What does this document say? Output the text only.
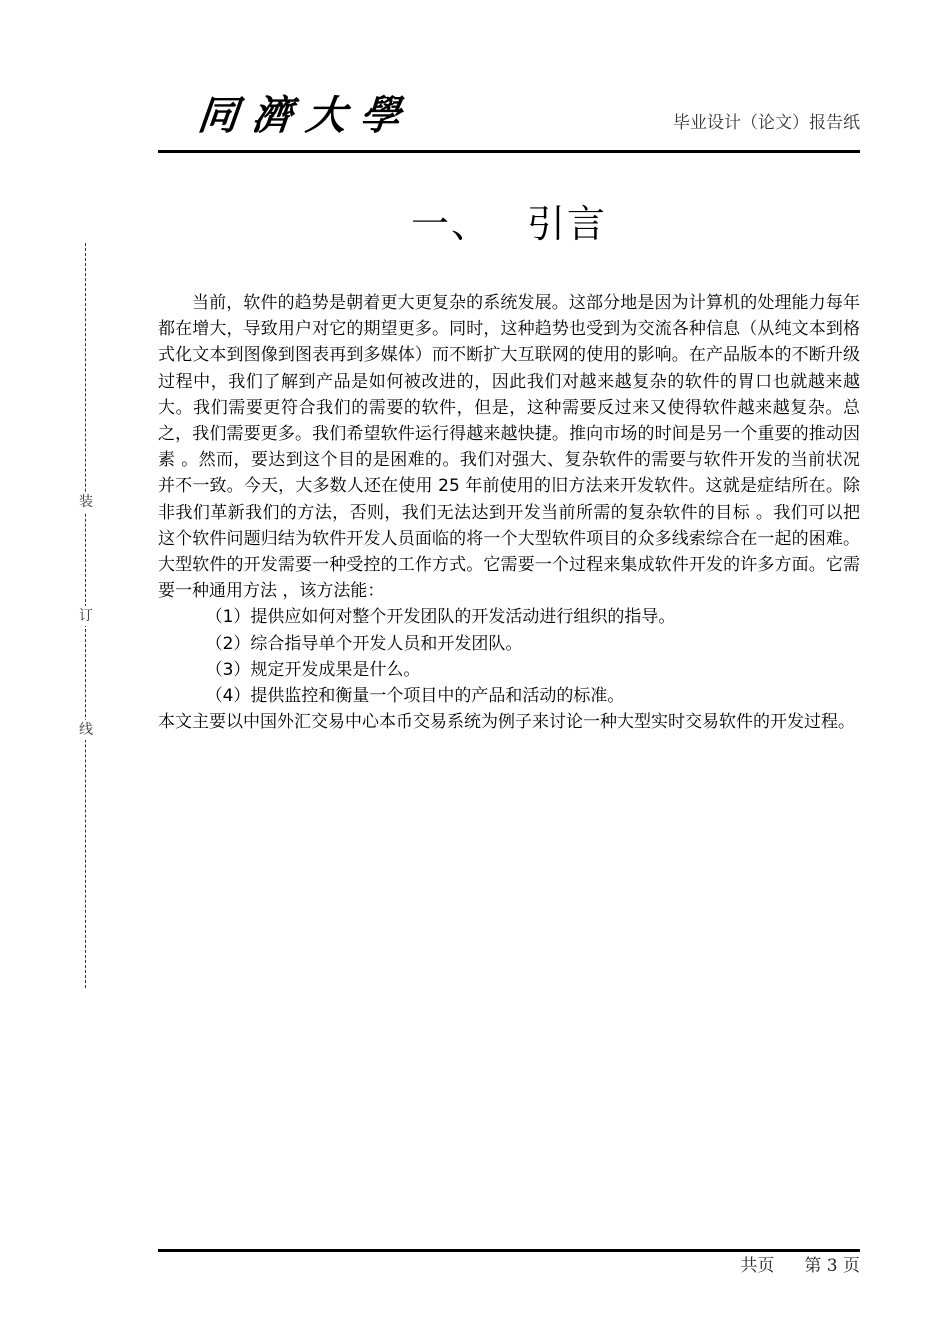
同濟大學	毕业设计（论文）报告纸
装
订
线
一、 引言

当前，软件的趋势是朝着更大更复杂的系统发展。这部分地是因为计算机的处理能力每年都在增大，导致用户对它的期望更多。同时，这种趋势也受到为交流各种信息（从纯文本到格式化文本到图像到图表再到多媒体）而不断扩大互联网的使用的影响。在产品版本的不断升级过程中，我们了解到产品是如何被改进的，因此我们对越来越复杂的软件的胃口也就越来越大。我们需要更符合我们的需要的软件，但是，这种需要反过来又使得软件越来越复杂。总之，我们需要更多。我们希望软件运行得越来越快捷。推向市场的时间是另一个重要的推动因素 。然而，要达到这个目的是困难的。我们对强大、复杂软件的需要与软件开发的当前状况并不一致。今天，大多数人还在使用 25 年前使用的旧方法来开发软件。这就是症结所在。除非我们革新我们的方法，否则，我们无法达到开发当前所需的复杂软件的目标 。我们可以把这个软件问题归结为软件开发人员面临的将一个大型软件项目的众多线索综合在一起的困难。大型软件的开发需要一种受控的工作方式。它需要一个过程来集成软件开发的许多方面。它需要一种通用方法 ，该方法能：

（1）提供应如何对整个开发团队的开发活动进行组织的指导。

（2）综合指导单个开发人员和开发团队。

（3）规定开发成果是什么。

（4）提供监控和衡量一个项目中的产品和活动的标准。

本文主要以中国外汇交易中心本币交易系统为例子来讨论一种大型实时交易软件的开发过程。

共页 第 3 页
